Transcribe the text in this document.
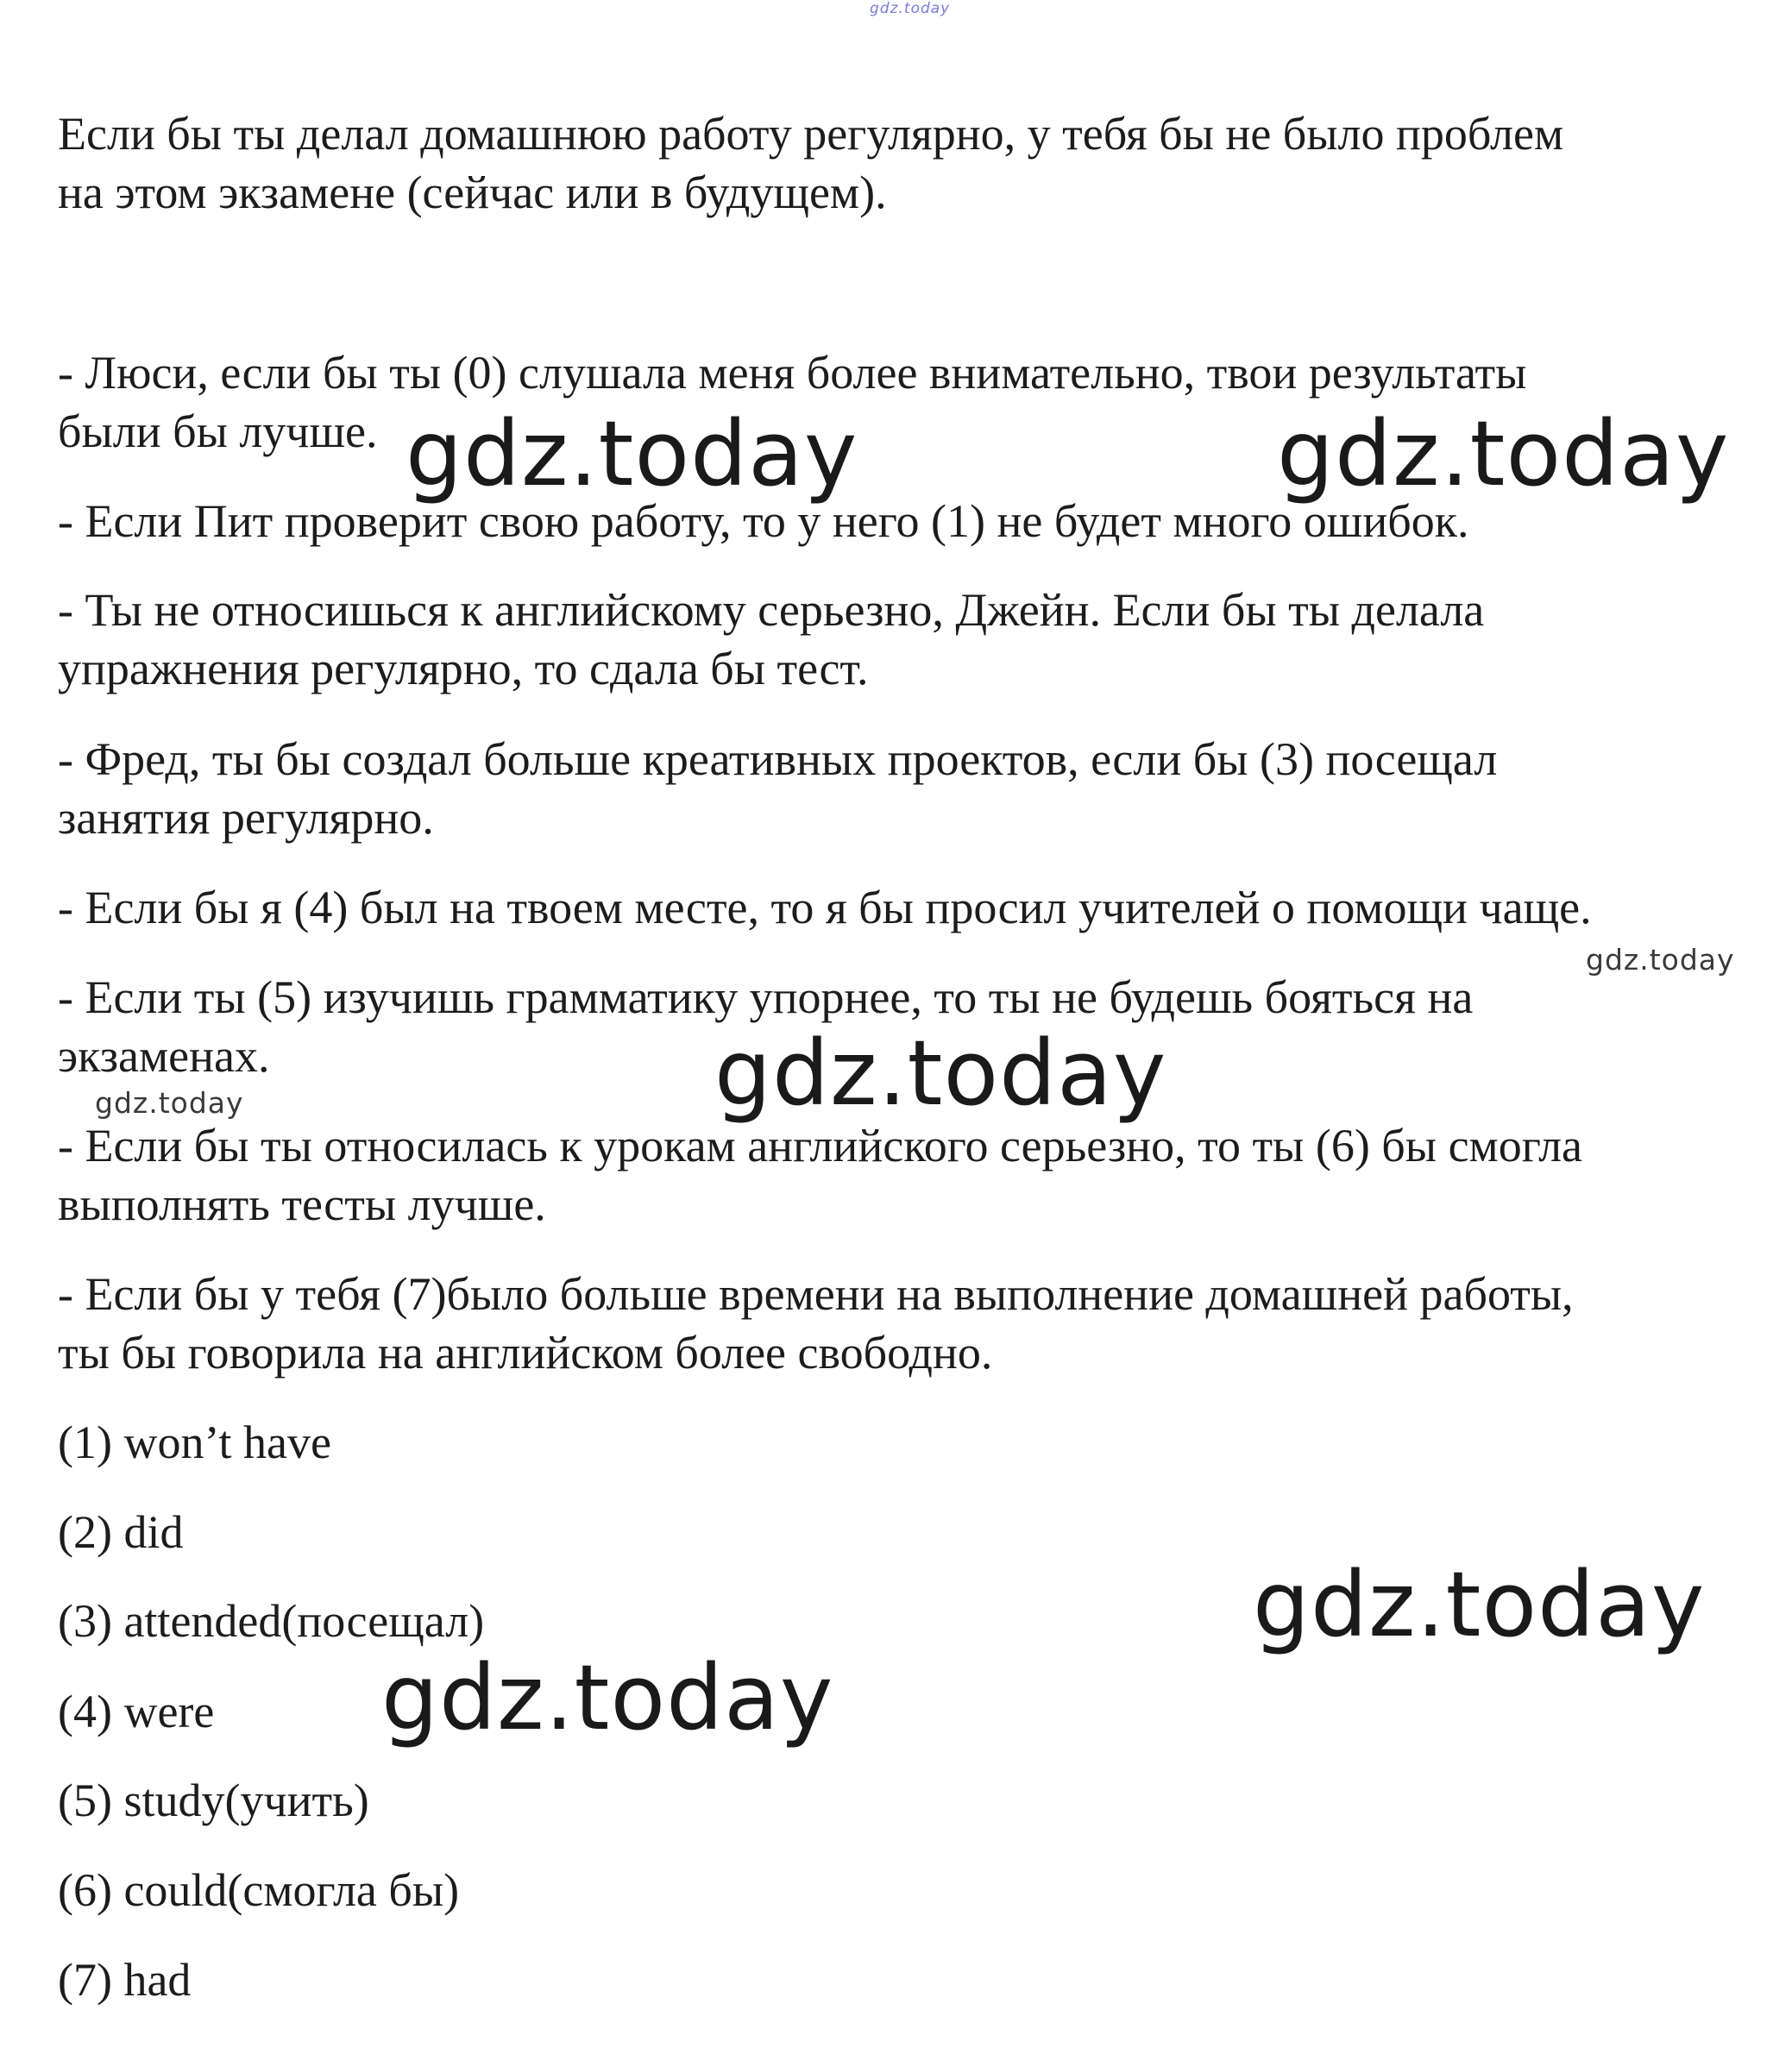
gdz.today

Если бы ты делал домашнюю работу регулярно, у тебя бы не было проблем

на этом экзамене (сейчас или в будущем).

- Люси, если бы ты (0) слушала меня более внимательно, твои результаты

были бы лучше.

- Если Пит проверит свою работу, то у него (1) не будет много ошибок.

- Ты не относишься к английскому серьезно, Джейн. Если бы ты делала

упражнения регулярно, то сдала бы тест.

- Фред, ты бы создал больше креативных проектов, если бы (3) посещал

занятия регулярно.

- Если бы я (4) был на твоем месте, то я бы просил учителей о помощи чаще.

- Если ты (5) изучишь грамматику упорнее, то ты не будешь бояться на

экзаменах.

- Если бы ты относилась к урокам английского серьезно, то ты (6) бы смогла

выполнять тесты лучше.

- Если бы у тебя (7)было больше времени на выполнение домашней работы,

ты бы говорила на английском более свободно.

(1) won’t have

(2) did

(3) attended(посещал)

(4) were

(5) study(учить)

(6) could(смогла бы)

(7) had

gdz.today	gdz.today
gdz.today
gdz.today
gdz.today
gdz.today
gdz.today
